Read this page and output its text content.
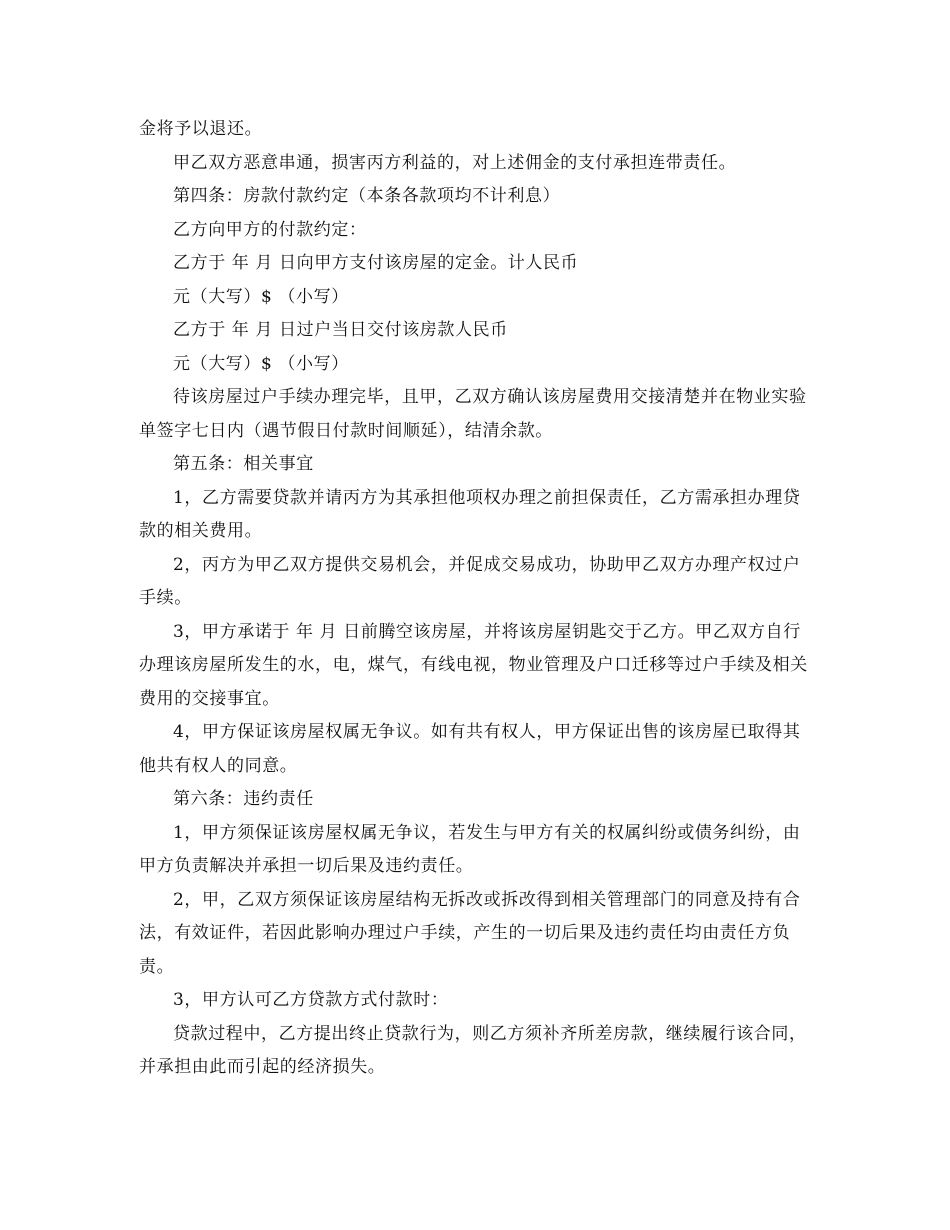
金将予以退还。

甲乙双方恶意串通，损害丙方利益的，对上述佣金的支付承担连带责任。

第四条：房款付款约定（本条各款项均不计利息）

乙方向甲方的付款约定：

乙方于 年 月 日向甲方支付该房屋的定金。计人民币

元（大写）$ （小写）

乙方于 年 月 日过户当日交付该房款人民币

元（大写）$ （小写）

待该房屋过户手续办理完毕，且甲，乙双方确认该房屋费用交接清楚并在物业实验单签字七日内（遇节假日付款时间顺延），结清余款。

第五条：相关事宜

1，乙方需要贷款并请丙方为其承担他项权办理之前担保责任，乙方需承担办理贷款的相关费用。

2，丙方为甲乙双方提供交易机会，并促成交易成功，协助甲乙双方办理产权过户手续。

3，甲方承诺于 年 月 日前腾空该房屋，并将该房屋钥匙交于乙方。甲乙双方自行办理该房屋所发生的水，电，煤气，有线电视，物业管理及户口迁移等过户手续及相关费用的交接事宜。

4，甲方保证该房屋权属无争议。如有共有权人，甲方保证出售的该房屋已取得其他共有权人的同意。

第六条：违约责任

1，甲方须保证该房屋权属无争议，若发生与甲方有关的权属纠纷或债务纠纷，由甲方负责解决并承担一切后果及违约责任。

2，甲，乙双方须保证该房屋结构无拆改或拆改得到相关管理部门的同意及持有合法，有效证件，若因此影响办理过户手续，产生的一切后果及违约责任均由责任方负责。

3，甲方认可乙方贷款方式付款时：

贷款过程中，乙方提出终止贷款行为，则乙方须补齐所差房款，继续履行该合同，并承担由此而引起的经济损失。
